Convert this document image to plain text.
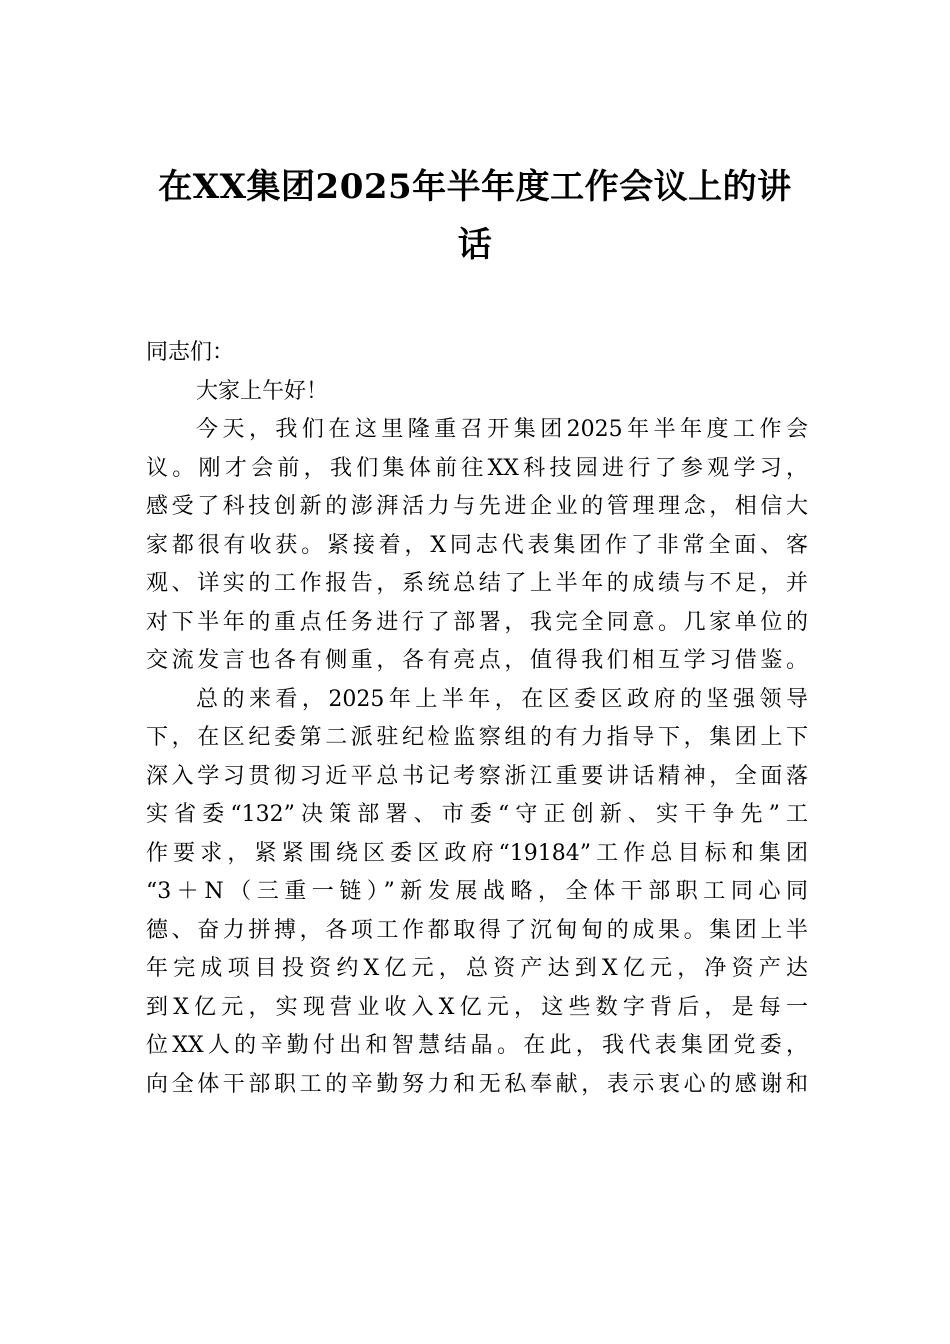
在XX集团2025年半年度工作会议上的讲
话
同志们：
大家上午好！
今天，我们在这里隆重召开集团2025年半年度工作会
议。刚才会前，我们集体前往XX科技园进行了参观学习，
感受了科技创新的澎湃活力与先进企业的管理理念，相信大
家都很有收获。紧接着，X同志代表集团作了非常全面、客
观、详实的工作报告，系统总结了上半年的成绩与不足，并
对下半年的重点任务进行了部署，我完全同意。几家单位的
交流发言也各有侧重，各有亮点，值得我们相互学习借鉴。
总的来看，2025年上半年，在区委区政府的坚强领导
下，在区纪委第二派驻纪检监察组的有力指导下，集团上下
深入学习贯彻习近平总书记考察浙江重要讲话精神，全面落
实省委“132”决策部署、市委“守正创新、实干争先”工
作要求，紧紧围绕区委区政府“19184”工作总目标和集团
“3＋N（三重一链）”新发展战略，全体干部职工同心同
德、奋力拼搏，各项工作都取得了沉甸甸的成果。集团上半
年完成项目投资约X亿元，总资产达到X亿元，净资产达
到X亿元，实现营业收入X亿元，这些数字背后，是每一
位XX人的辛勤付出和智慧结晶。在此，我代表集团党委，
向全体干部职工的辛勤努力和无私奉献，表示衷心的感谢和
